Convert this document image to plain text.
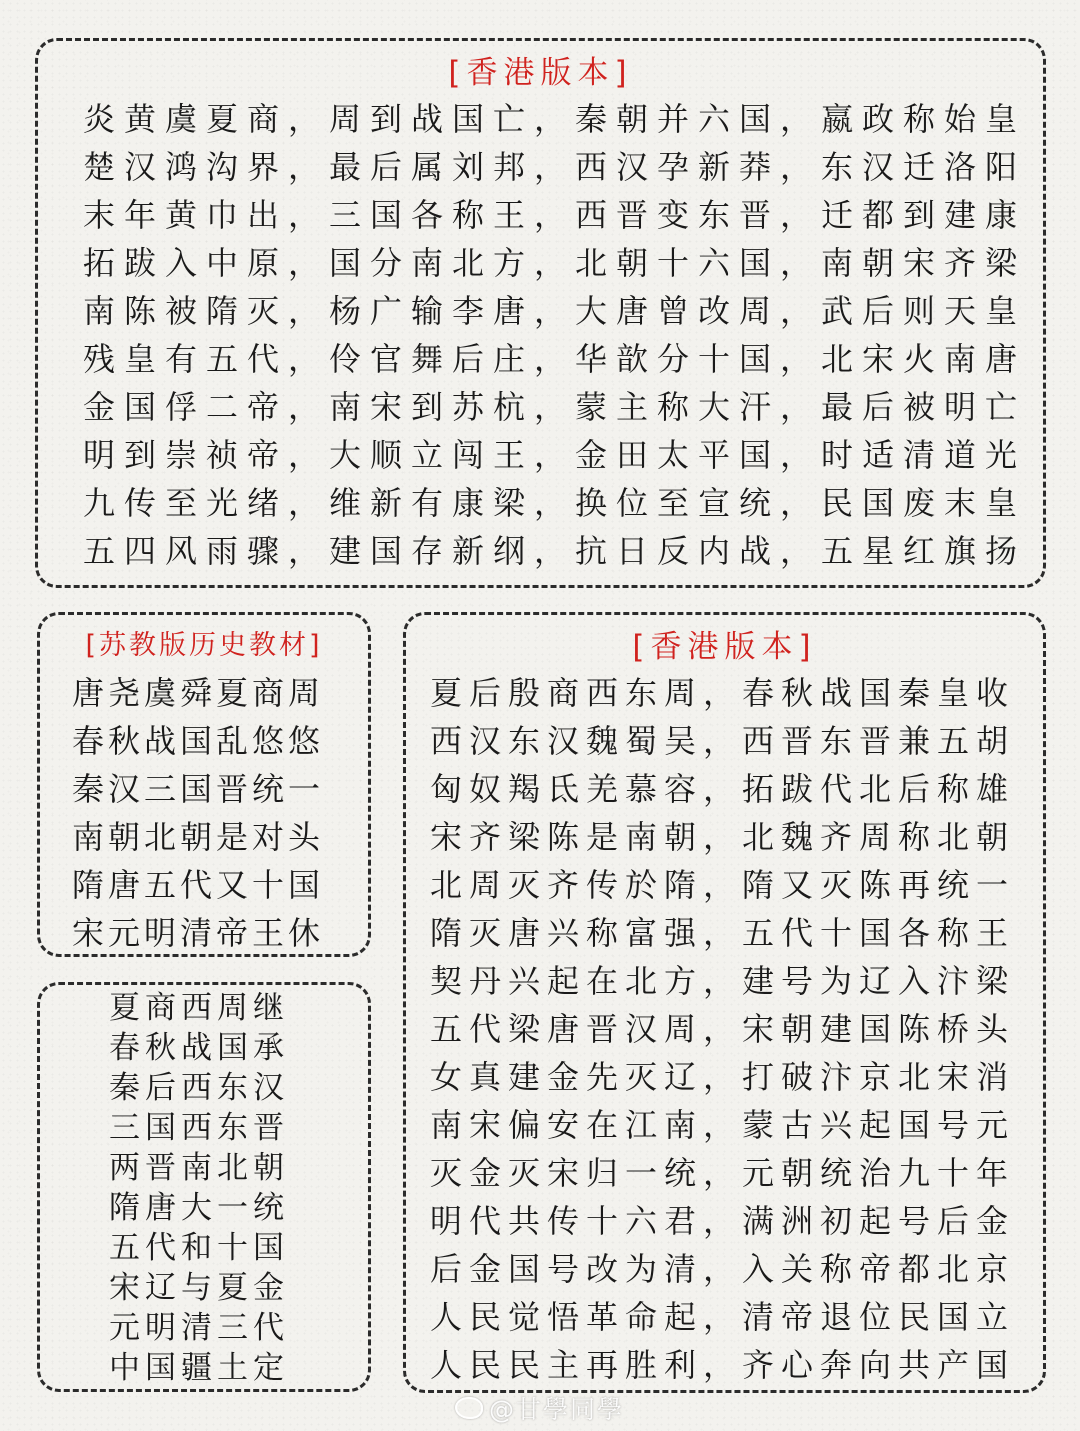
[香港版本]
炎黄虞夏商，周到战国亡，秦朝并六国，嬴政称始皇
楚汉鸿沟界，最后属刘邦，西汉孕新莽，东汉迁洛阳
末年黄巾出，三国各称王，西晋变东晋，迁都到建康
拓跋入中原，国分南北方，北朝十六国，南朝宋齐梁
南陈被隋灭，杨广输李唐，大唐曾改周，武后则天皇
残皇有五代，伶官舞后庄，华歆分十国，北宋火南唐
金国俘二帝，南宋到苏杭，蒙主称大汗，最后被明亡
明到崇祯帝，大顺立闯王，金田太平国，时适清道光
九传至光绪，维新有康梁，换位至宣统，民国废末皇
五四风雨骤，建国存新纲，抗日反内战，五星红旗扬
[苏教版历史教材]
唐尧虞舜夏商周
春秋战国乱悠悠
秦汉三国晋统一
南朝北朝是对头
隋唐五代又十国
宋元明清帝王休
夏商西周继
春秋战国承
秦后西东汉
三国西东晋
两晋南北朝
隋唐大一统
五代和十国
宋辽与夏金
元明清三代
中国疆土定
[香港版本]
夏后殷商西东周，春秋战国秦皇收
西汉东汉魏蜀吴，西晋东晋兼五胡
匈奴羯氐羌慕容，拓跋代北后称雄
宋齐梁陈是南朝，北魏齐周称北朝
北周灭齐传於隋，隋又灭陈再统一
隋灭唐兴称富强，五代十国各称王
契丹兴起在北方，建号为辽入汴梁
五代梁唐晋汉周，宋朝建国陈桥头
女真建金先灭辽，打破汴京北宋消
南宋偏安在江南，蒙古兴起国号元
灭金灭宋归一统，元朝统治九十年
明代共传十六君，满洲初起号后金
后金国号改为清，入关称帝都北京
人民觉悟革命起，清帝退位民国立
人民民主再胜利，齐心奔向共产国
@甘學同學
